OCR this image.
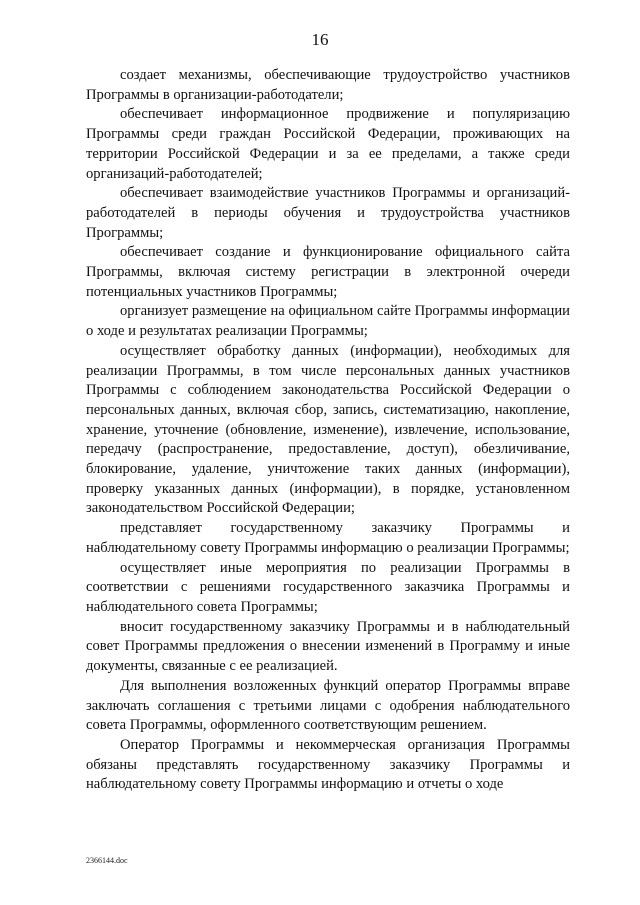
16

создает механизмы, обеспечивающие трудоустройство участников Программы в организации-работодатели;

обеспечивает информационное продвижение и популяризацию Программы среди граждан Российской Федерации, проживающих на территории Российской Федерации и за ее пределами, а также среди организаций-работодателей;

обеспечивает взаимодействие участников Программы и организаций-работодателей в периоды обучения и трудоустройства участников Программы;

обеспечивает создание и функционирование официального сайта Программы, включая систему регистрации в электронной очереди потенциальных участников Программы;

организует размещение на официальном сайте Программы информации о ходе и результатах реализации Программы;

осуществляет обработку данных (информации), необходимых для реализации Программы, в том числе персональных данных участников Программы с соблюдением законодательства Российской Федерации о персональных данных, включая сбор, запись, систематизацию, накопление, хранение, уточнение (обновление, изменение), извлечение, использование, передачу (распространение, предоставление, доступ), обезличивание, блокирование, удаление, уничтожение таких данных (информации), проверку указанных данных (информации), в порядке, установленном законодательством Российской Федерации;

представляет государственному заказчику Программы и наблюдательному совету Программы информацию о реализации Программы;

осуществляет иные мероприятия по реализации Программы в соответствии с решениями государственного заказчика Программы и наблюдательного совета Программы;

вносит государственному заказчику Программы и в наблюдательный совет Программы предложения о внесении изменений в Программу и иные документы, связанные с ее реализацией.

Для выполнения возложенных функций оператор Программы вправе заключать соглашения с третьими лицами с одобрения наблюдательного совета Программы, оформленного соответствующим решением.

Оператор Программы и некоммерческая организация Программы обязаны представлять государственному заказчику Программы и наблюдательному совету Программы информацию и отчеты о ходе

2366144.doc
